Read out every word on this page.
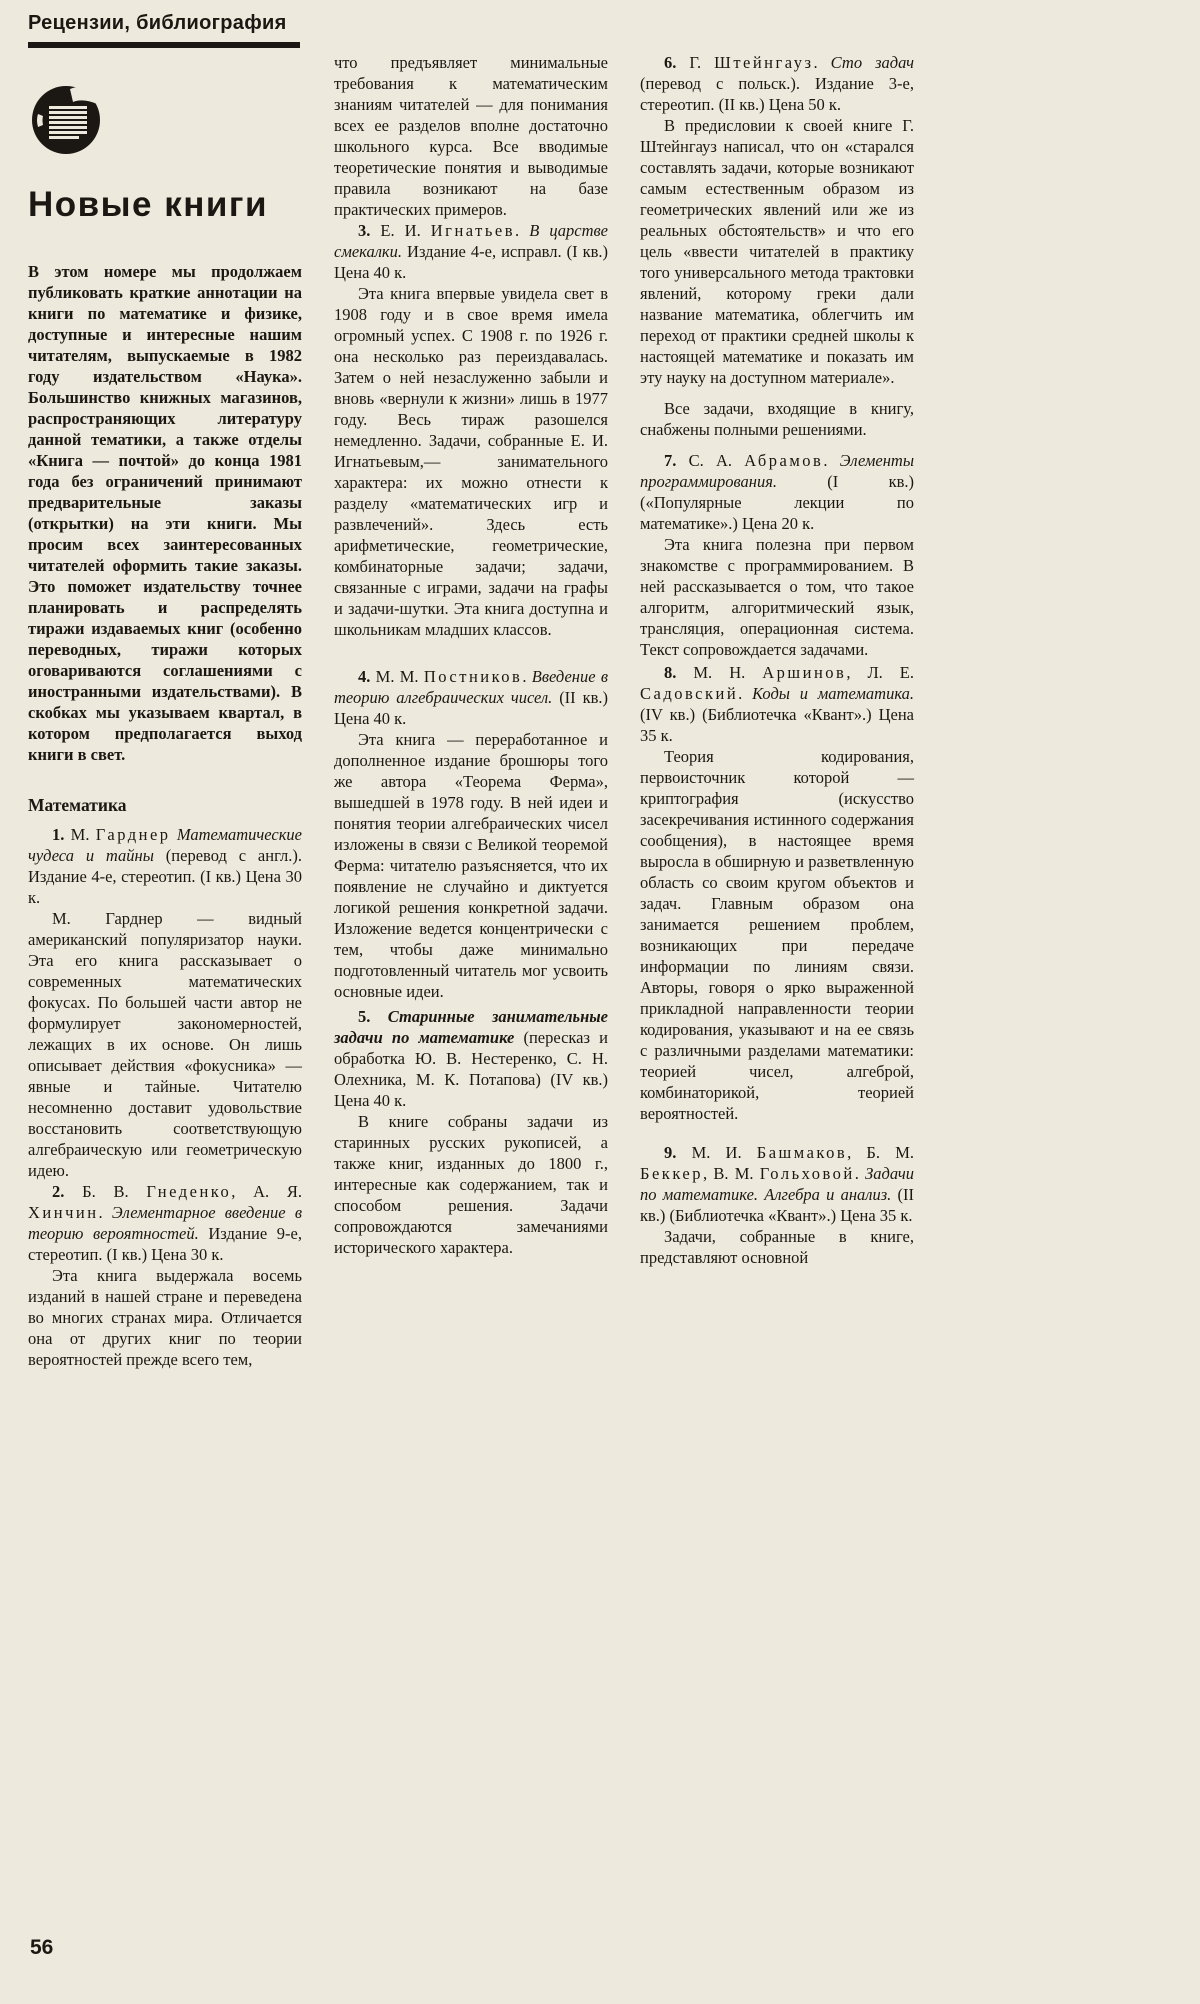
Рецензии, библиография
Новые книги

В этом номере мы продолжаем публиковать краткие аннотации на книги по математике и физике, доступные и интересные нашим читателям, выпускаемые в 1982 году издательством «Наука». Большинство книжных магазинов, распространяющих литературу данной тематики, а также отделы «Книга — почтой» до конца 1981 года без ограничений принимают предварительные заказы (открытки) на эти книги. Мы просим всех заинтересованных читателей оформить такие заказы. Это поможет издательству точнее планировать и распределять тиражи издаваемых книг (особенно переводных, тиражи которых оговариваются соглашениями с иностранными издательствами). В скобках мы указываем квартал, в котором предполагается выход книги в свет.

Математика

1. М. Гарднер Математические чудеса и тайны (перевод с англ.). Издание 4-е, стереотип. (I кв.) Цена 30 к.

М. Гарднер — видный американский популяризатор науки. Эта его книга рассказывает о современных математических фокусах. По большей части автор не формулирует закономерностей, лежащих в их основе. Он лишь описывает действия «фокусника» — явные и тайные. Читателю несомненно доставит удовольствие восстановить соответствующую алгебраическую или геометрическую идею.

2. Б. В. Гнеденко, А. Я. Хинчин. Элементарное введение в теорию вероятностей. Издание 9-е, стереотип. (I кв.) Цена 30 к.

Эта книга выдержала восемь изданий в нашей стране и переведена во многих странах мира. Отличается она от других книг по теории вероятностей прежде всего тем,

что предъявляет минимальные требования к математическим знаниям читателей — для понимания всех ее разделов вполне достаточно школьного курса. Все вводимые теоретические понятия и выводимые правила возникают на базе практических примеров.

3. Е. И. Игнатьев. В царстве смекалки. Издание 4-е, исправл. (I кв.) Цена 40 к.

Эта книга впервые увидела свет в 1908 году и в свое время имела огромный успех. С 1908 г. по 1926 г. она несколько раз переиздавалась. Затем о ней незаслуженно забыли и вновь «вернули к жизни» лишь в 1977 году. Весь тираж разошелся немедленно. Задачи, собранные Е. И. Игнатьевым,— занимательного характера: их можно отнести к разделу «математических игр и развлечений». Здесь есть арифметические, геометрические, комбинаторные задачи; задачи, связанные с играми, задачи на графы и задачи-шутки. Эта книга доступна и школьникам младших классов.

4. М. М. Постников. Введение в теорию алгебраических чисел. (II кв.) Цена 40 к.

Эта книга — переработанное и дополненное издание брошюры того же автора «Теорема Ферма», вышедшей в 1978 году. В ней идеи и понятия теории алгебраических чисел изложены в связи с Великой теоремой Ферма: читателю разъясняется, что их появление не случайно и диктуется логикой решения конкретной задачи. Изложение ведется концентрически с тем, чтобы даже минимально подготовленный читатель мог усвоить основные идеи.

5. Старинные занимательные задачи по математике (пересказ и обработка Ю. В. Нестеренко, С. Н. Олехника, М. К. Потапова) (IV кв.) Цена 40 к.

В книге собраны задачи из старинных русских рукописей, а также книг, изданных до 1800 г., интересные как содержанием, так и способом решения. Задачи сопровождаются замечаниями исторического характера.

6. Г. Штейнгауз. Сто задач (перевод с польск.). Издание 3-е, стереотип. (II кв.) Цена 50 к.

В предисловии к своей книге Г. Штейнгауз написал, что он «старался составлять задачи, которые возникают самым естественным образом из геометрических явлений или же из реальных обстоятельств» и что его цель «ввести читателей в практику того универсального метода трактовки явлений, которому греки дали название математика, облегчить им переход от практики средней школы к настоящей математике и показать им эту науку на доступном материале».

Все задачи, входящие в книгу, снабжены полными решениями.

7. С. А. Абрамов. Элементы программирования. (I кв.) («Популярные лекции по математике».) Цена 20 к.

Эта книга полезна при первом знакомстве с программированием. В ней рассказывается о том, что такое алгоритм, алгоритмический язык, трансляция, операционная система. Текст сопровождается задачами.

8. М. Н. Аршинов, Л. Е. Садовский. Коды и математика. (IV кв.) (Библиотечка «Квант».) Цена 35 к.

Теория кодирования, первоисточник которой — криптография (искусство засекречивания истинного содержания сообщения), в настоящее время выросла в обширную и разветвленную область со своим кругом объектов и задач. Главным образом она занимается решением проблем, возникающих при передаче информации по линиям связи. Авторы, говоря о ярко выраженной прикладной направленности теории кодирования, указывают и на ее связь с различными разделами математики: теорией чисел, алгеброй, комбинаторикой, теорией вероятностей.

9. М. И. Башмаков, Б. М. Беккер, В. М. Гольховой. Задачи по математике. Алгебра и анализ. (II кв.) (Библиотечка «Квант».) Цена 35 к.

Задачи, собранные в книге, представляют основной

56
